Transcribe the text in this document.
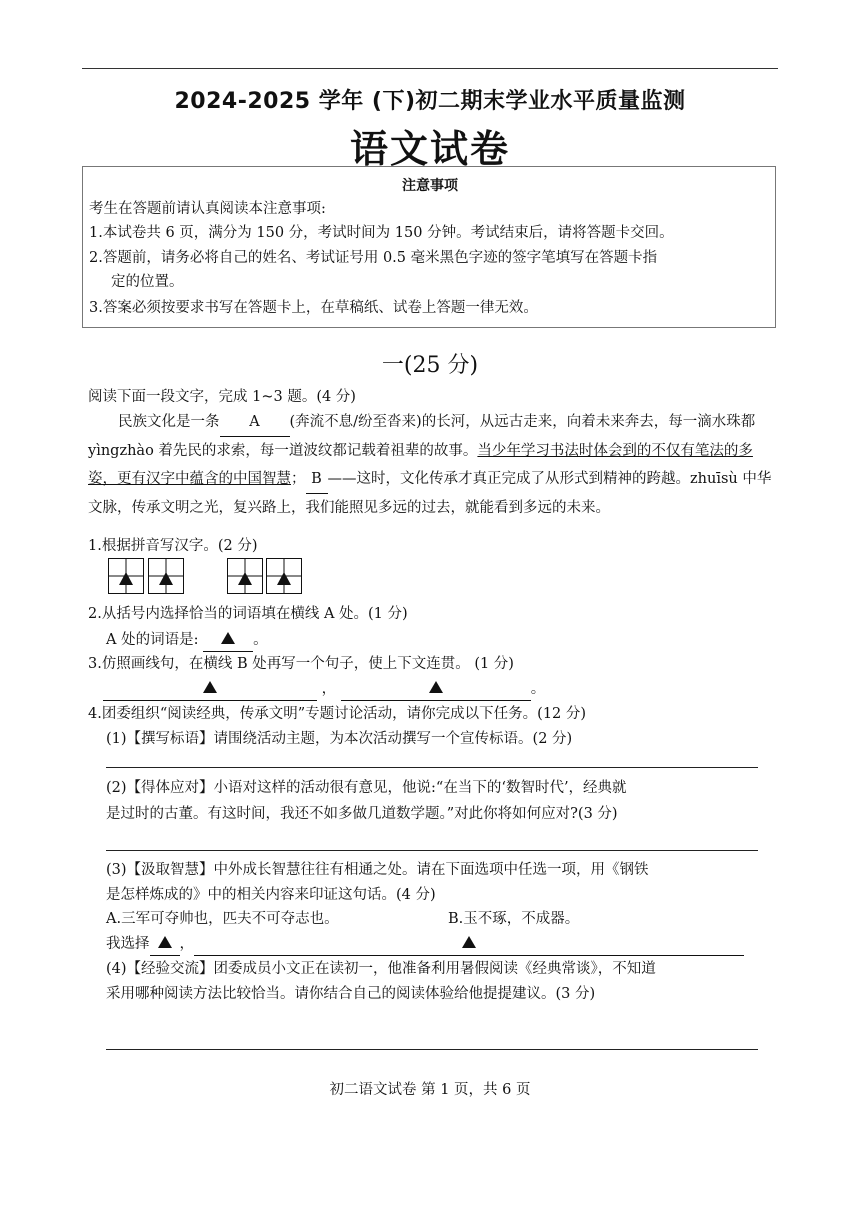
2024-2025 学年 (下)初二期末学业水平质量监测
语文试卷
注意事项

考生在答题前请认真阅读本注意事项:

1.本试卷共 6 页，满分为 150 分，考试时间为 150 分钟。考试结束后，请将答题卡交回。

2.答题前，请务必将自己的姓名、考试证号用 0.5 毫米黑色字迹的签字笔填写在答题卡指

定的位置。

3.答案必须按要求书写在答题卡上，在草稿纸、试卷上答题一律无效。

一(25 分)
阅读下面一段文字，完成 1~3 题。(4 分)
民族文化是一条 A (奔流不息/纷至沓来)的长河，从远古走来，向着未来奔去，每一滴水珠都 yìngzhào 着先民的求索，每一道波纹都记载着祖辈的故事。当少年学习书法时体会到的不仅有笔法的多姿，更有汉字中蕴含的中国智慧； B ——这时，文化传承才真正完成了从形式到精神的跨越。zhuīsù 中华文脉，传承文明之光，复兴路上，我们能照见多远的过去，就能看到多远的未来。
1.根据拼音写汉字。(2 分)
2.从括号内选择恰当的词语填在横线 A 处。(1 分)
A 处的词语是:	。
3.仿照画线句，在横线 B 处再写一个句子，使上下文连贯。 (1 分)
，	。
4.团委组织“阅读经典，传承文明”专题讨论活动，请你完成以下任务。(12 分)
(1)【撰写标语】请围绕活动主题，为本次活动撰写一个宣传标语。(2 分)
(2)【得体应对】小语对这样的活动很有意见，他说:“在当下的‘数智时代’，经典就
是过时的古董。有这时间，我还不如多做几道数学题。”对此你将如何应对?(3 分)
(3)【汲取智慧】中外成长智慧往往有相通之处。请在下面选项中任选一项，用《钢铁
是怎样炼成的》中的相关内容来印证这句话。(4 分)
A.三军可夺帅也，匹夫不可夺志也。	B.玉不琢，不成器。
我选择 ，
(4)【经验交流】团委成员小文正在读初一，他准备利用暑假阅读《经典常谈》，不知道
采用哪种阅读方法比较恰当。请你结合自己的阅读体验给他提提建议。(3 分)
初二语文试卷 第 1 页，共 6 页
